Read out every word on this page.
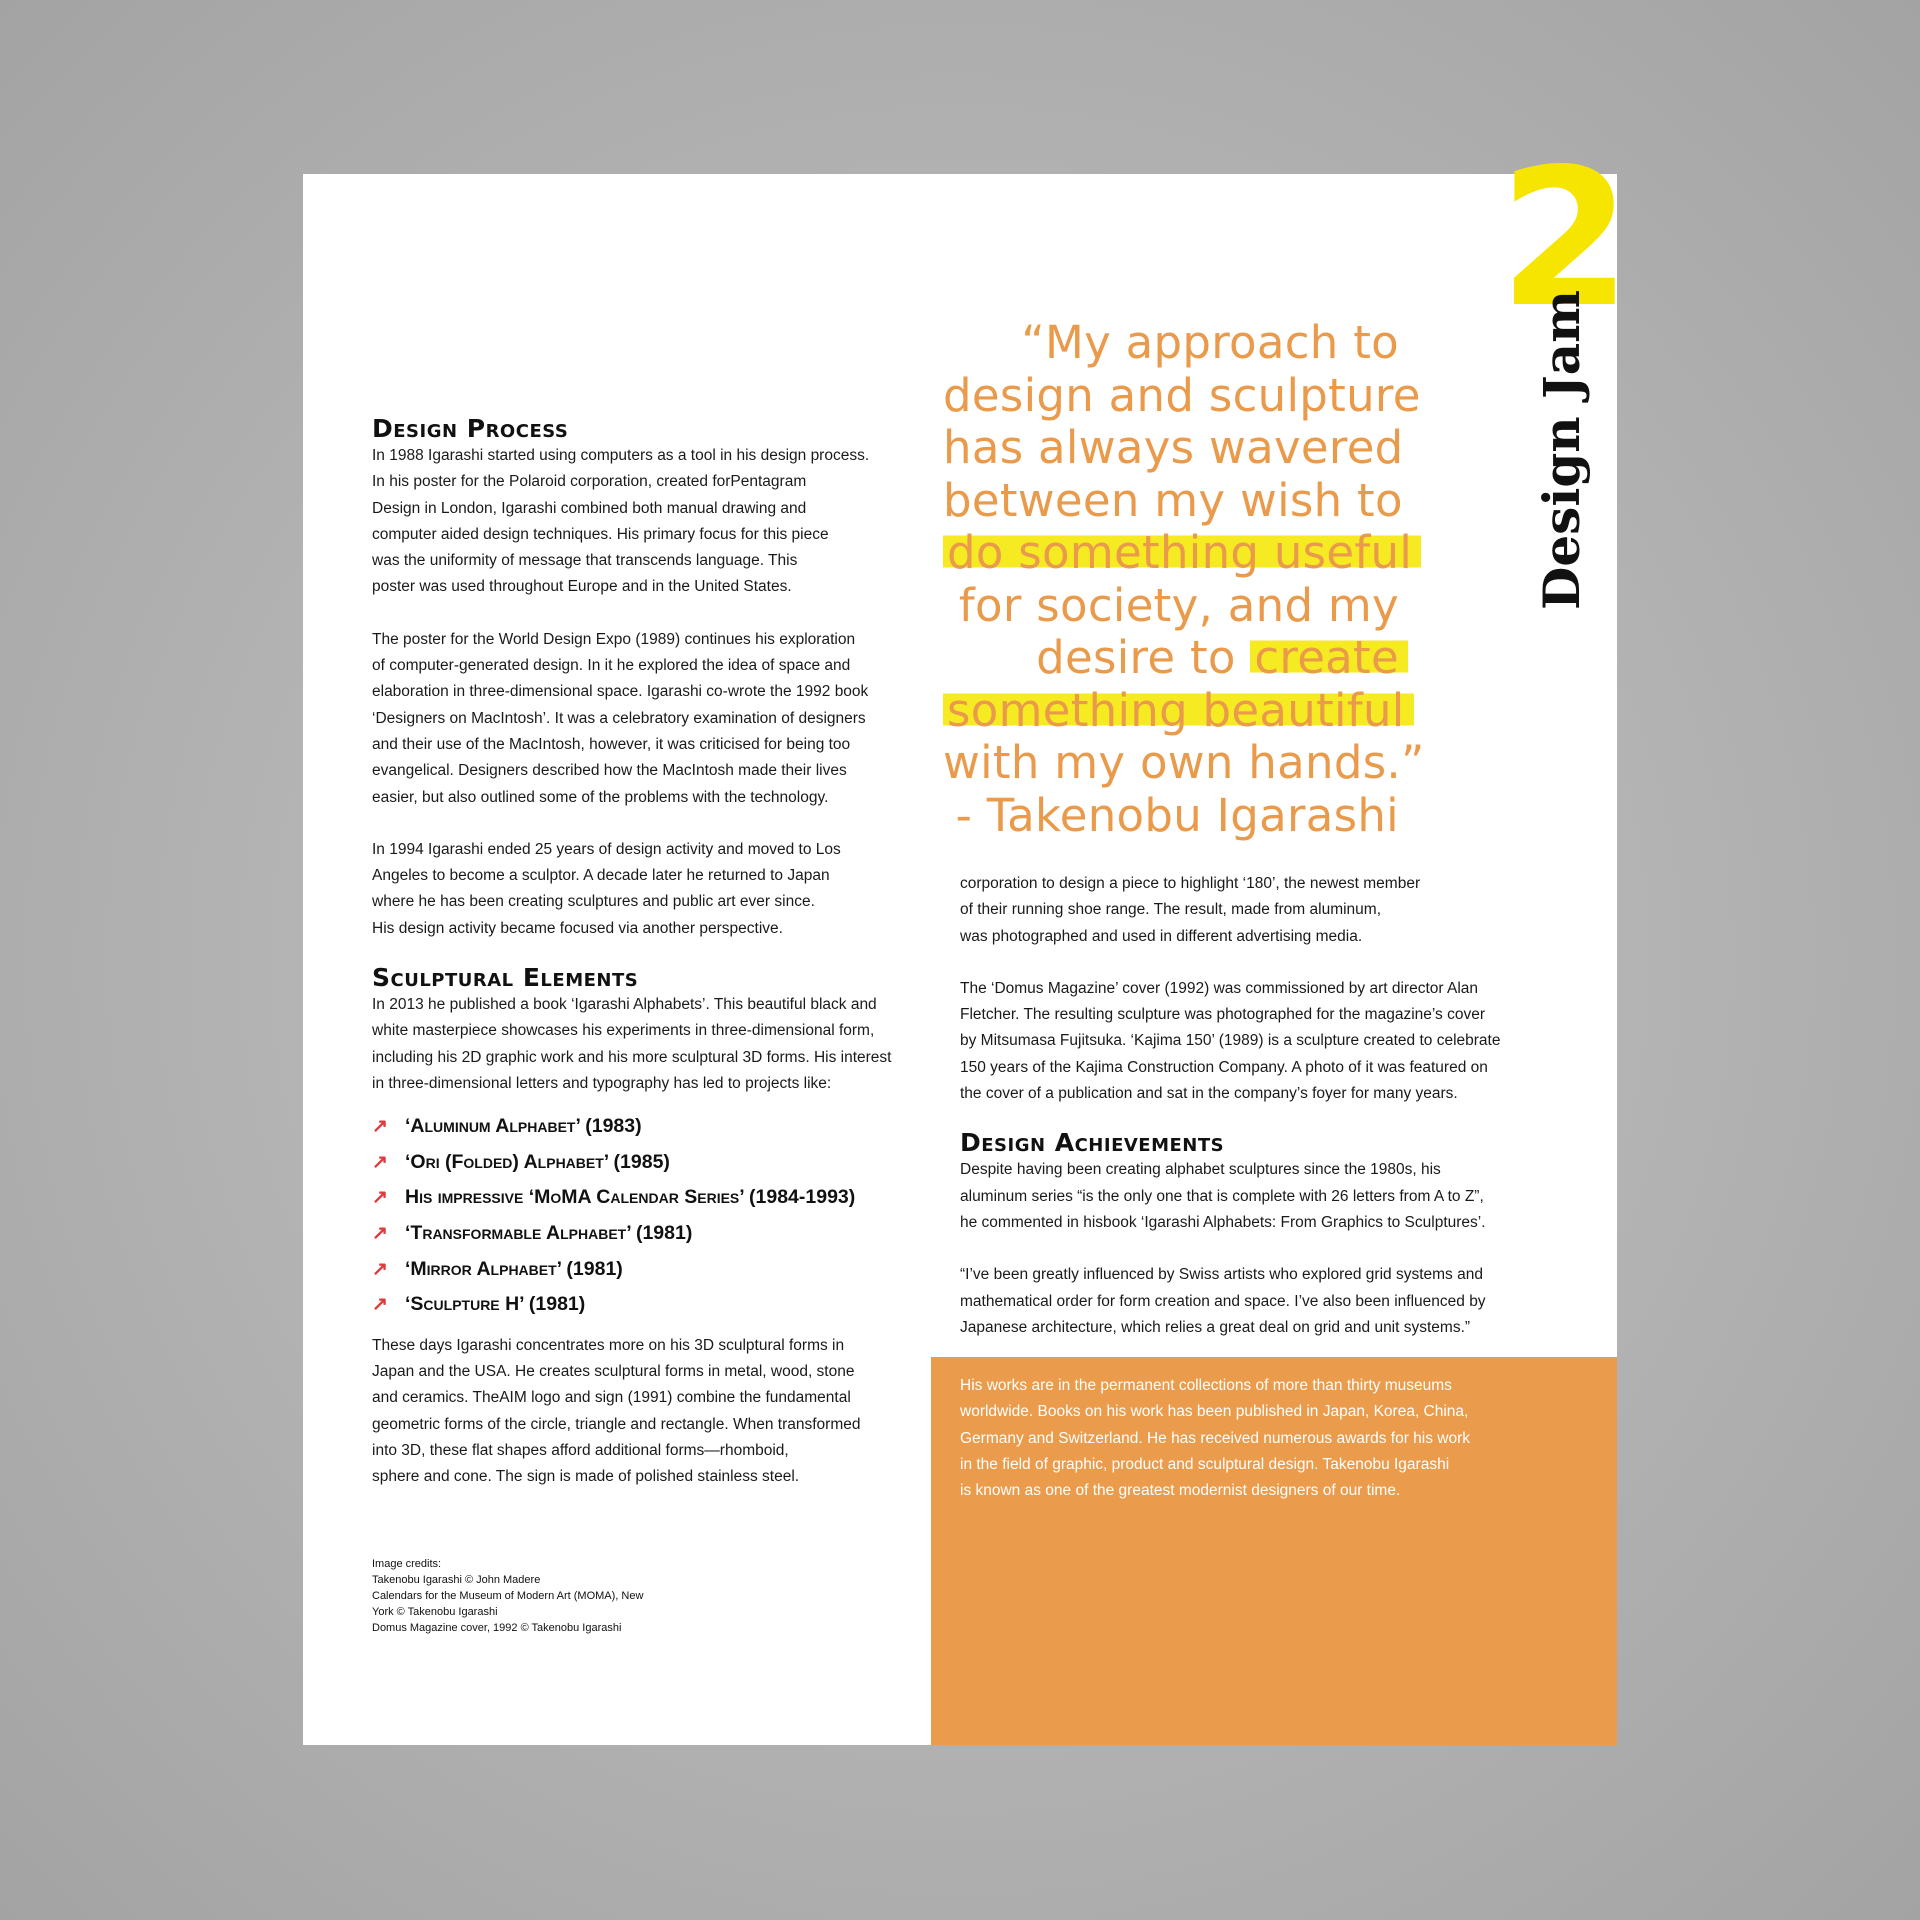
2
Design Jam
“My approach to
design and sculpture
has always wavered
between my wish to
do something useful
for society, and my
desire to create
something beautiful
with my own hands.”
- Takenobu Igarashi
Design Process

In 1988 Igarashi started using computers as a tool in his design process.
In his poster for the Polaroid corporation, created forPentagram
Design in London, Igarashi combined both manual drawing and
computer aided design techniques. His primary focus for this piece
was the uniformity of message that transcends language. This
poster was used throughout Europe and in the United States.

The poster for the World Design Expo (1989) continues his exploration
of computer-generated design. In it he explored the idea of space and
elaboration in three-dimensional space. Igarashi co-wrote the 1992 book
‘Designers on MacIntosh’. It was a celebratory examination of designers
and their use of the MacIntosh, however, it was criticised for being too
evangelical. Designers described how the MacIntosh made their lives
easier, but also outlined some of the problems with the technology.

In 1994 Igarashi ended 25 years of design activity and moved to Los
Angeles to become a sculptor. A decade later he returned to Japan
where he has been creating sculptures and public art ever since.
His design activity became focused via another perspective.

Sculptural Elements

In 2013 he published a book ‘Igarashi Alphabets’. This beautiful black and
white masterpiece showcases his experiments in three-dimensional form,
including his 2D graphic work and his more sculptural 3D forms. His interest
in three-dimensional letters and typography has led to projects like:

↗ ‘Aluminum Alphabet’ (1983)
↗ ‘Ori (Folded) Alphabet’ (1985)
↗ His impressive ‘MoMA Calendar Series’ (1984-1993)
↗ ‘Transformable Alphabet’ (1981)
↗ ‘Mirror Alphabet’ (1981)
↗ ‘Sculpture H’ (1981)

These days Igarashi concentrates more on his 3D sculptural forms in
Japan and the USA. He creates sculptural forms in metal, wood, stone
and ceramics. TheAIM logo and sign (1991) combine the fundamental
geometric forms of the circle, triangle and rectangle. When transformed
into 3D, these flat shapes afford additional forms—rhomboid,
sphere and cone. The sign is made of polished stainless steel.

Image credits:
Takenobu Igarashi © John Madere
Calendars for the Museum of Modern Art (MOMA), New
York © Takenobu Igarashi
Domus Magazine cover, 1992 © Takenobu Igarashi

corporation to design a piece to highlight ‘180’, the newest member
of their running shoe range. The result, made from aluminum,
was photographed and used in different advertising media.

The ‘Domus Magazine’ cover (1992) was commissioned by art director Alan
Fletcher. The resulting sculpture was photographed for the magazine’s cover
by Mitsumasa Fujitsuka. ‘Kajima 150’ (1989) is a sculpture created to celebrate
150 years of the Kajima Construction Company. A photo of it was featured on
the cover of a publication and sat in the company’s foyer for many years.

Design Achievements

Despite having been creating alphabet sculptures since the 1980s, his
aluminum series “is the only one that is complete with 26 letters from A to Z”,
he commented in hisbook ‘Igarashi Alphabets: From Graphics to Sculptures’.

“I’ve been greatly influenced by Swiss artists who explored grid systems and
mathematical order for form creation and space. I’ve also been influenced by
Japanese architecture, which relies a great deal on grid and unit systems.”

His works are in the permanent collections of more than thirty museums
worldwide. Books on his work has been published in Japan, Korea, China,
Germany and Switzerland. He has received numerous awards for his work
in the field of graphic, product and sculptural design. Takenobu Igarashi
is known as one of the greatest modernist designers of our time.
